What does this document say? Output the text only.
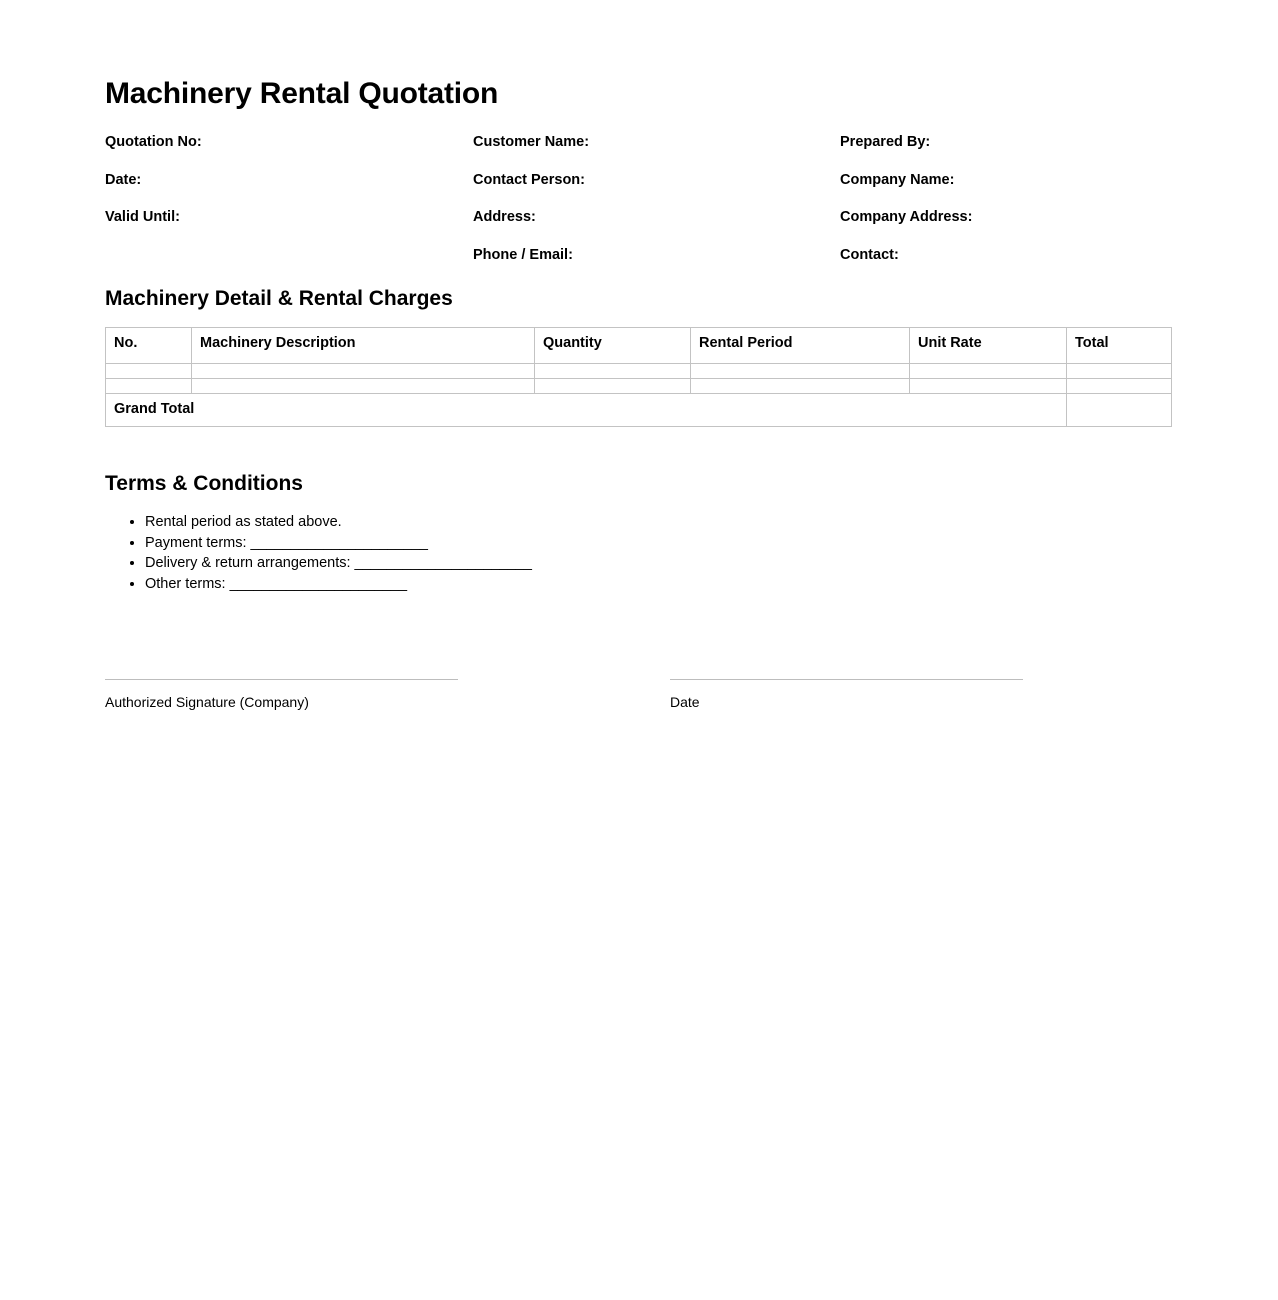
Machinery Rental Quotation
Quotation No:
Date:
Valid Until:
Customer Name:
Contact Person:
Address:
Phone / Email:
Prepared By:
Company Name:
Company Address:
Contact:
Machinery Detail & Rental Charges
No.	Machinery Description	Quantity	Rental Period	Unit Rate	Total

Grand Total					
Terms & Conditions
• Rental period as stated above.
• Payment terms: ______________________
• Delivery & return arrangements: ______________________
• Other terms: ______________________
Authorized Signature (Company)	Date
